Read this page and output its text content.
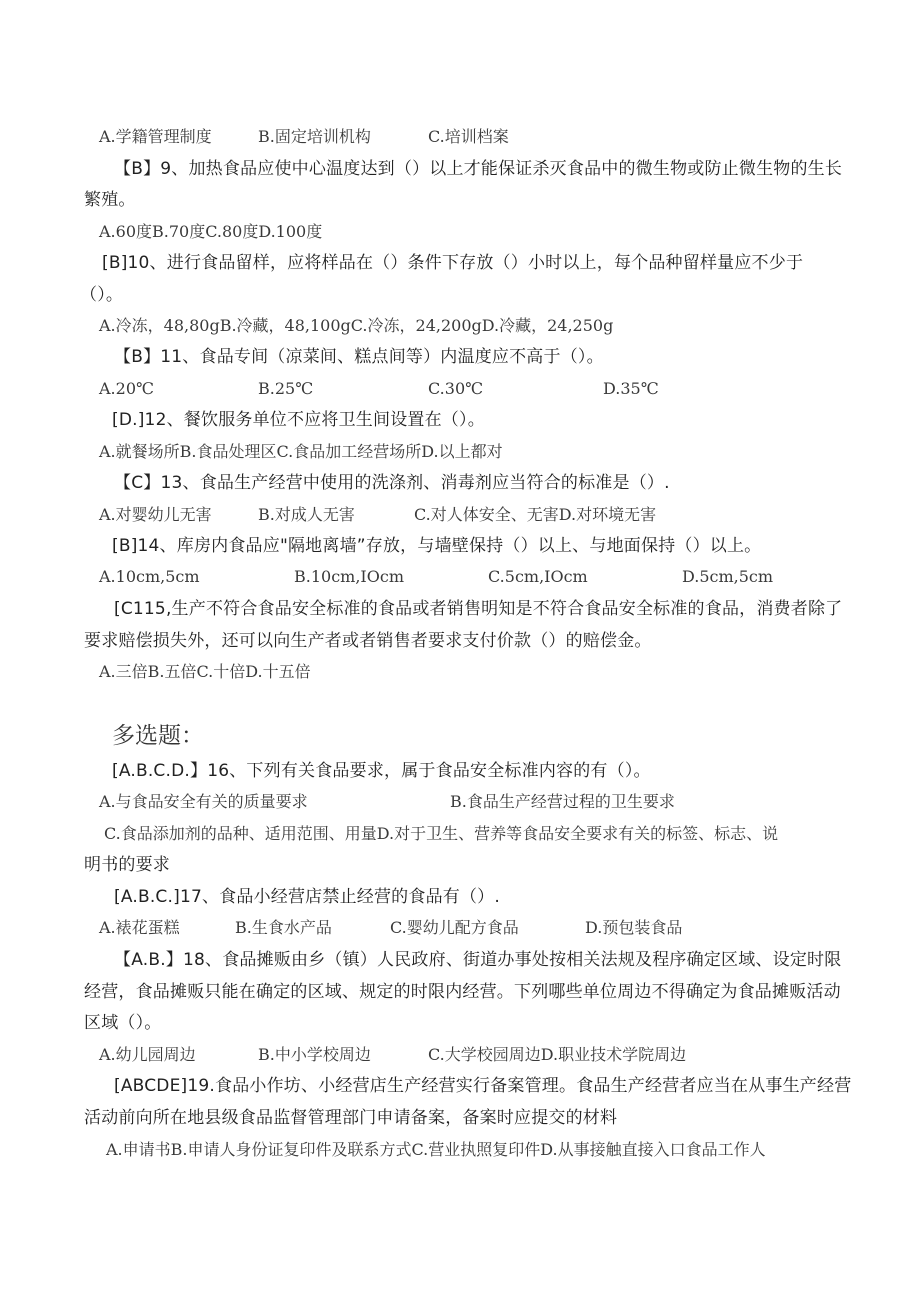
A.学籍管理制度	B.固定培训机构	C.培训档案
【B】9、加热食品应使中心温度达到（）以上才能保证杀灭食品中的微生物或防止微生物的生长
繁殖。
A.60度B.70度C.80度D.100度
[B]10、进行食品留样，应将样品在（）条件下存放（）小时以上，每个品种留样量应不少于
（）。
A.冷冻，48,80gB.冷藏，48,100gC.冷冻，24,200gD.冷藏，24,250g
【B】11、食品专间（凉菜间、糕点间等）内温度应不高于（）。
A.20℃	B.25℃	C.30℃	D.35℃
[D.]12、餐饮服务单位不应将卫生间设置在（）。
A.就餐场所B.食品处理区C.食品加工经营场所D.以上都对
【C】13、食品生产经营中使用的洗涤剂、消毒剂应当符合的标准是（）.
A.对婴幼儿无害	B.对成人无害	C.对人体安全、无害D.对环境无害
[B]14、库房内食品应"隔地离墙”存放，与墙壁保持（）以上、与地面保持（）以上。
A.10cm,5cm	B.10cm,IOcm	C.5cm,IOcm	D.5cm,5cm
[C115,生产不符合食品安全标准的食品或者销售明知是不符合食品安全标准的食品，消费者除了
要求赔偿损失外，还可以向生产者或者销售者要求支付价款（）的赔偿金。
A.三倍B.五倍C.十倍D.十五倍
多选题：
[A.B.C.D.】16、下列有关食品要求，属于食品安全标准内容的有（）。
A.与食品安全有关的质量要求	B.食品生产经营过程的卫生要求
C.食品添加剂的品种、适用范围、用量D.对于卫生、营养等食品安全要求有关的标签、标志、说
明书的要求
[A.B.C.]17、食品小经营店禁止经营的食品有（）.
A.裱花蛋糕	B.生食水产品	C.婴幼儿配方食品	D.预包装食品
【A.B.】18、食品摊贩由乡（镇）人民政府、街道办事处按相关法规及程序确定区域、设定时限
经营，食品摊贩只能在确定的区域、规定的时限内经营。下列哪些单位周边不得确定为食品摊贩活动
区域（）。
A.幼儿园周边	B.中小学校周边	C.大学校园周边D.职业技术学院周边
[ABCDE]19.食品小作坊、小经营店生产经营实行备案管理。食品生产经营者应当在从事生产经营
活动前向所在地县级食品监督管理部门申请备案，备案时应提交的材料
A.申请书B.申请人身份证复印件及联系方式C.营业执照复印件D.从事接触直接入口食品工作人
